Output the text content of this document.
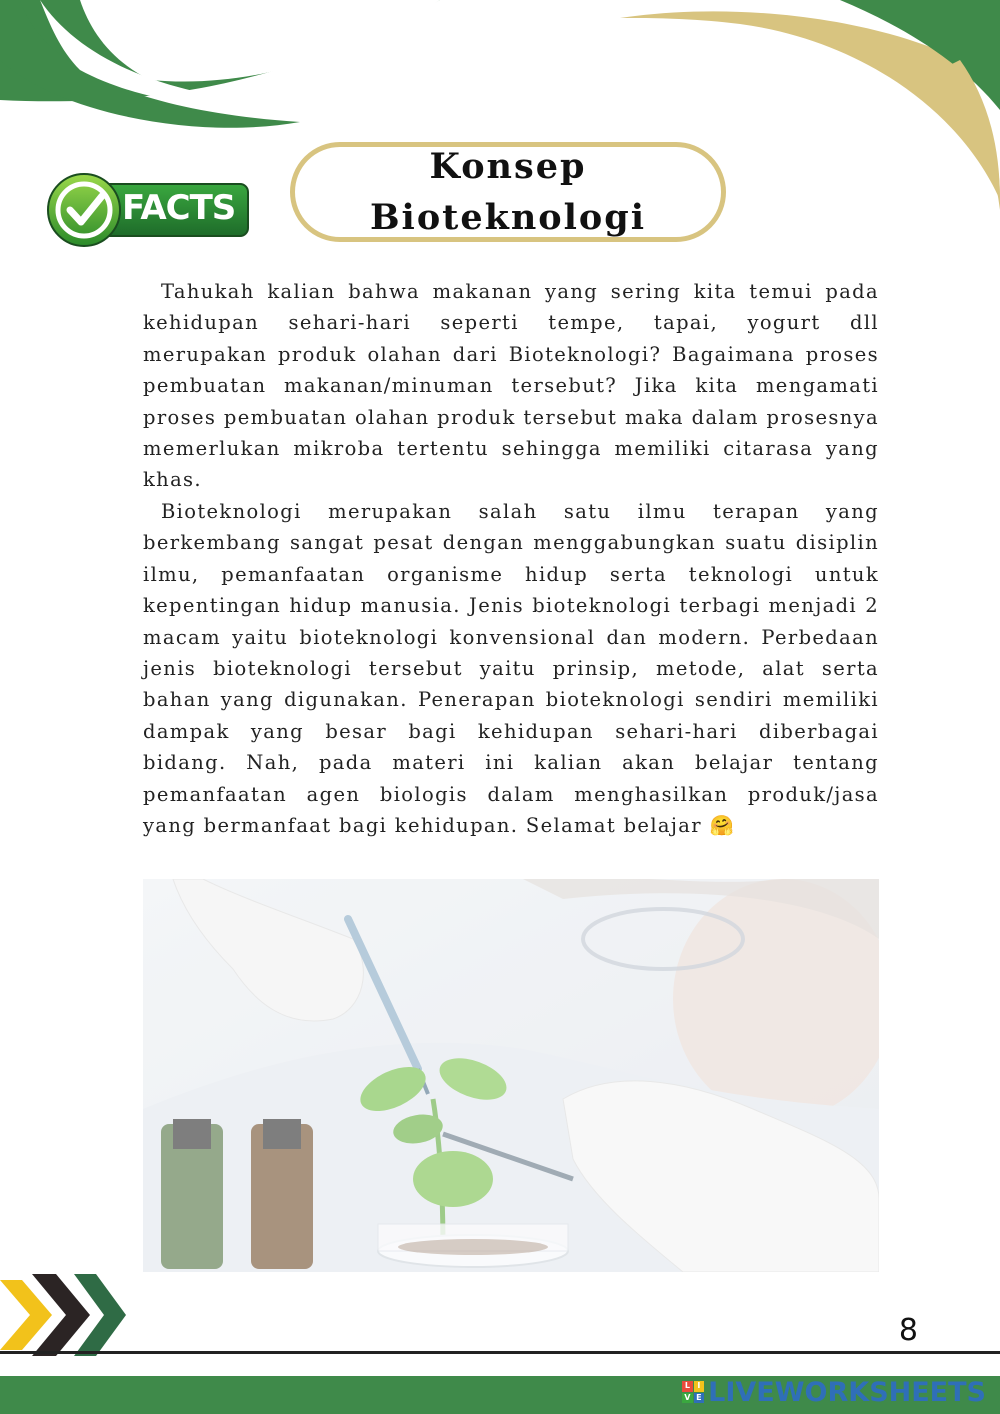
FACTS
Konsep
Bioteknologi

Tahukah kalian bahwa makanan yang sering kita temui pada kehidupan sehari-hari seperti tempe, tapai, yogurt dll merupakan produk olahan dari Bioteknologi? Bagaimana proses pembuatan makanan/minuman tersebut? Jika kita mengamati proses pembuatan olahan produk tersebut maka dalam prosesnya memerlukan mikroba tertentu sehingga memiliki citarasa yang khas.

Bioteknologi merupakan salah satu ilmu terapan yang berkembang sangat pesat dengan menggabungkan suatu disiplin ilmu, pemanfaatan organisme hidup serta teknologi untuk kepentingan hidup manusia. Jenis bioteknologi terbagi menjadi 2 macam yaitu bioteknologi konvensional dan modern. Perbedaan jenis bioteknologi tersebut yaitu prinsip, metode, alat serta bahan yang digunakan. Penerapan bioteknologi sendiri memiliki dampak yang besar bagi kehidupan sehari-hari diberbagai bidang. Nah, pada materi ini kalian akan belajar tentang pemanfaatan agen biologis dalam menghasilkan produk/jasa yang bermanfaat bagi kehidupan. Selamat belajar 🤗

8
L I
V E LIVEWORKSHEETS
